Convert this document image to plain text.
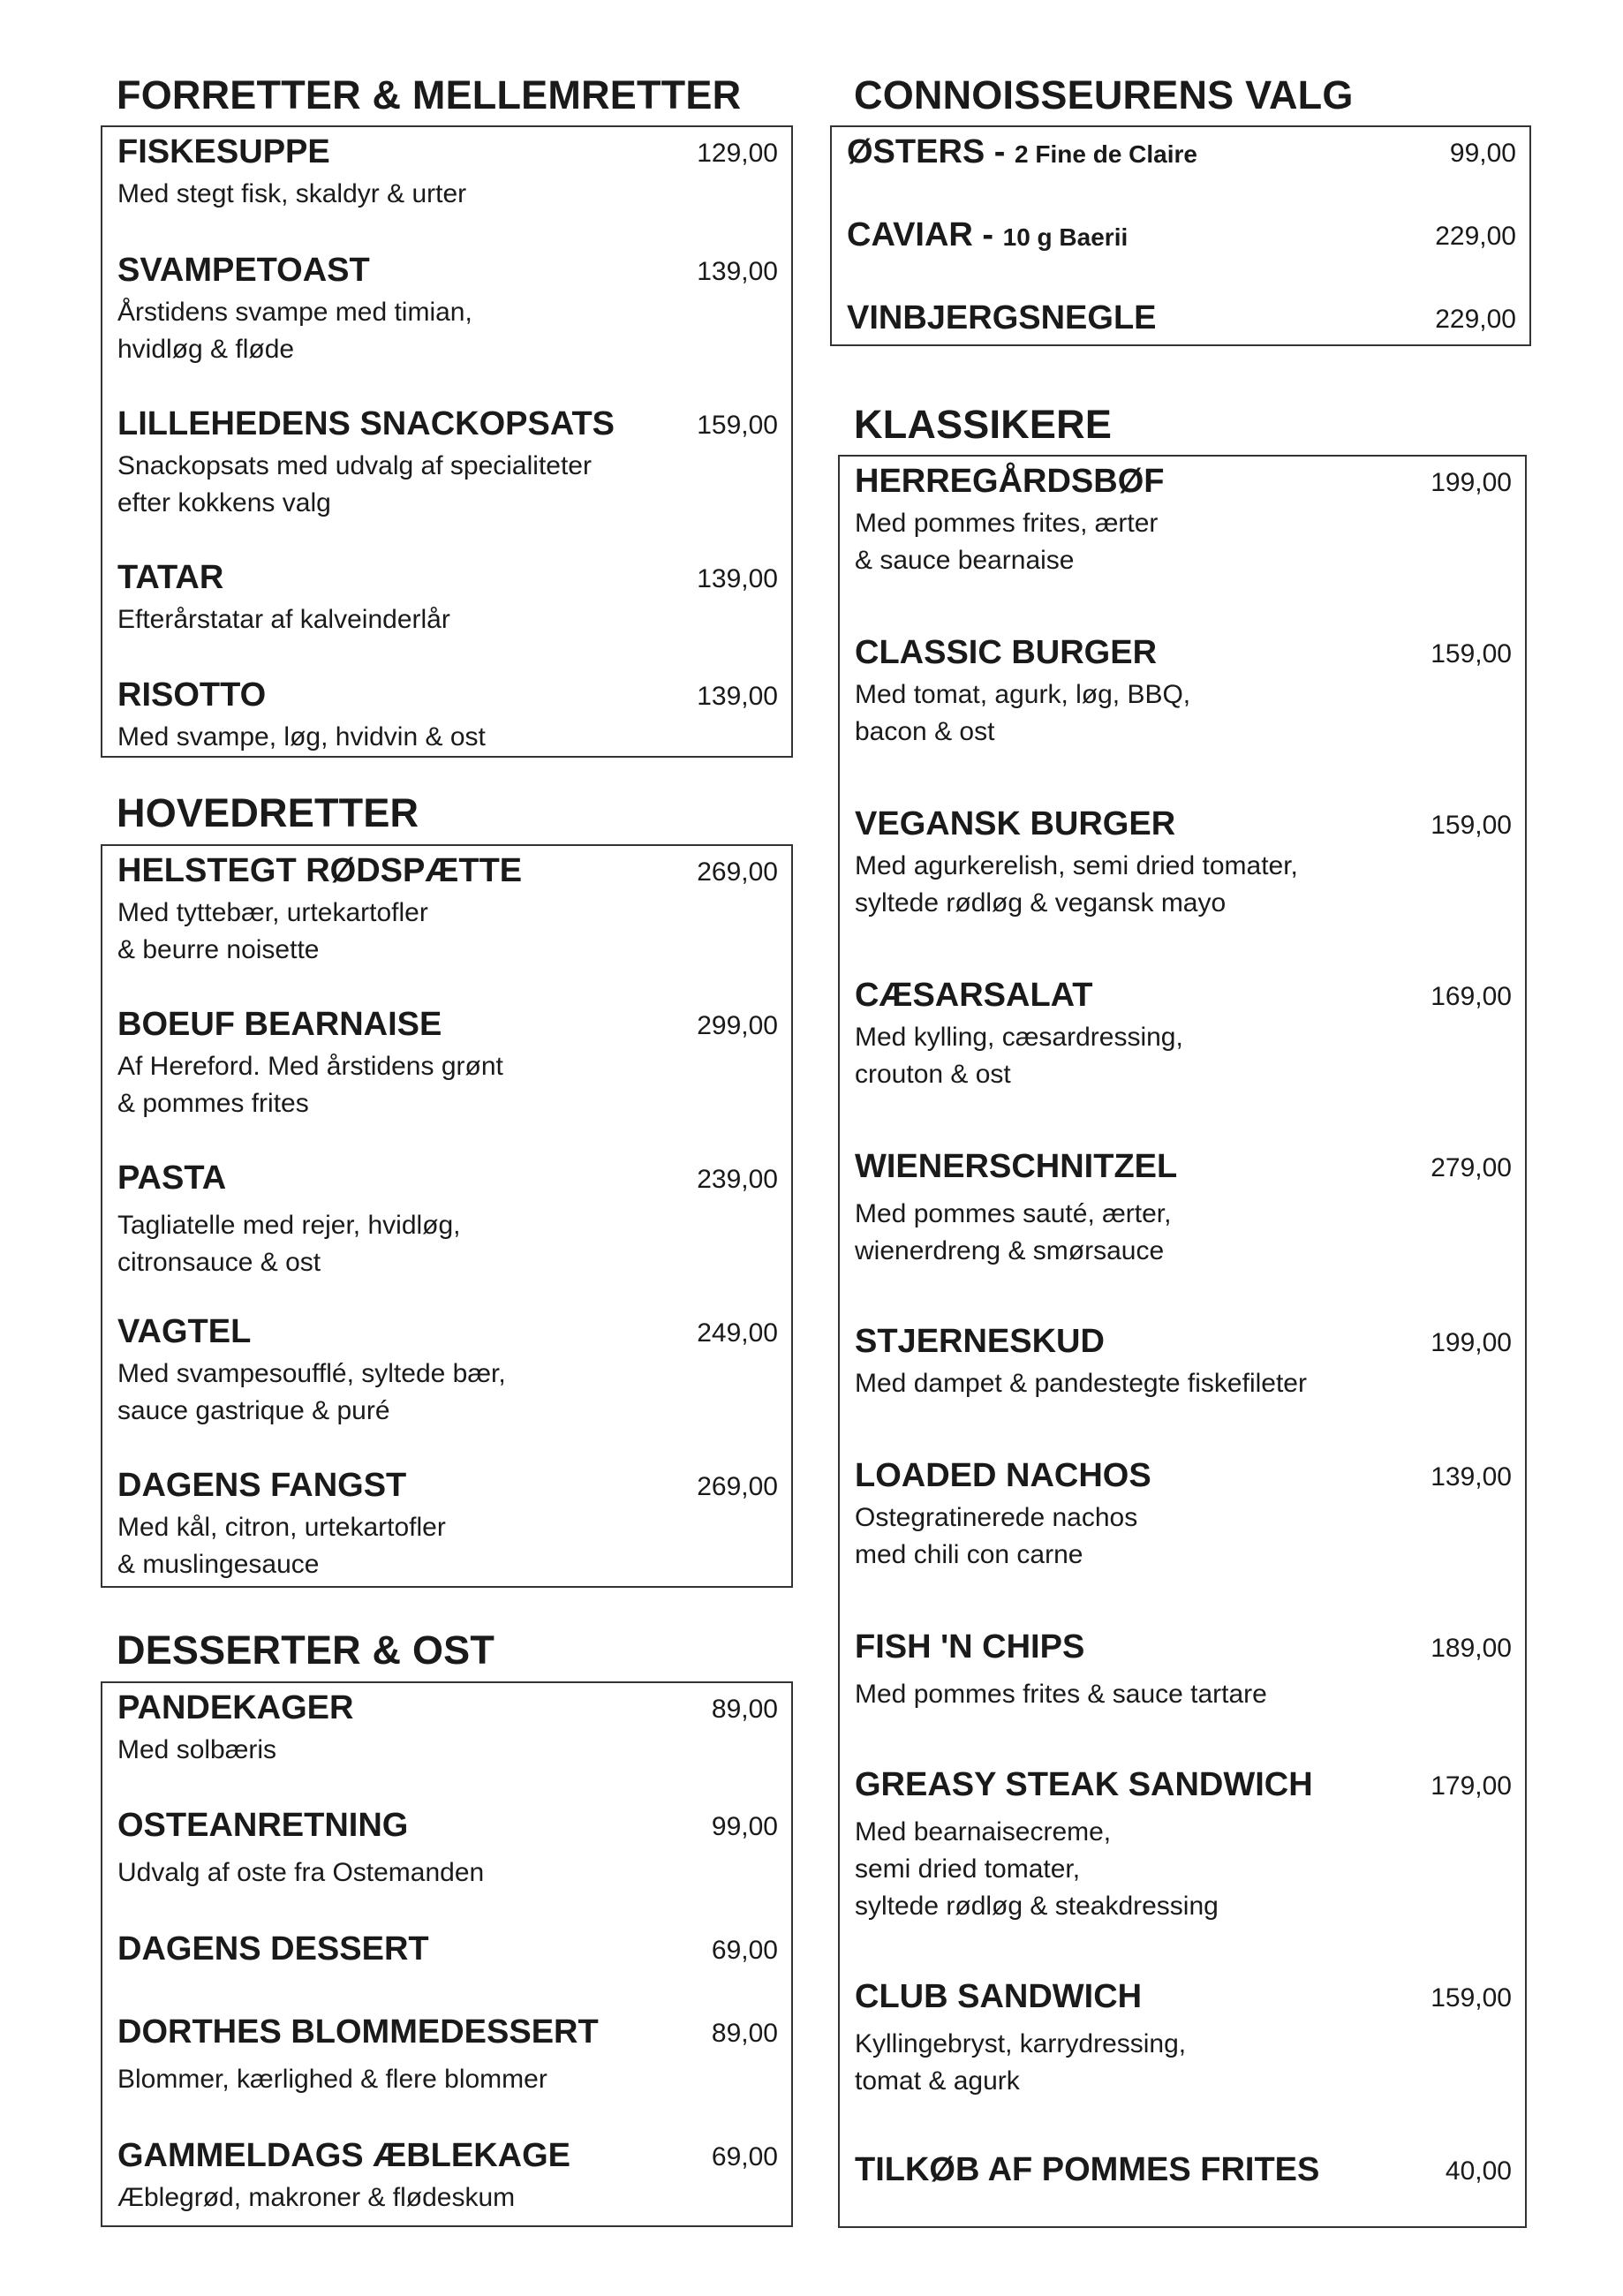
FORRETTER & MELLEMRETTER
FISKESUPPE	129,00
Med stegt fisk, skaldyr & urter
SVAMPETOAST	139,00
Årstidens svampe med timian,
hvidløg & fløde
LILLEHEDENS SNACKOPSATS	159,00
Snackopsats med udvalg af specialiteter
efter kokkens valg
TATAR	139,00
Efterårstatar af kalveinderlår
RISOTTO	139,00
Med svampe, løg, hvidvin & ost
HOVEDRETTER
HELSTEGT RØDSPÆTTE	269,00
Med tyttebær, urtekartofler
& beurre noisette
BOEUF BEARNAISE	299,00
Af Hereford. Med årstidens grønt
& pommes frites
PASTA	239,00
Tagliatelle med rejer, hvidløg,
citronsauce & ost
VAGTEL	249,00
Med svampesoufflé, syltede bær,
sauce gastrique & puré
DAGENS FANGST	269,00
Med kål, citron, urtekartofler
& muslingesauce
DESSERTER & OST
PANDEKAGER	89,00
Med solbæris
OSTEANRETNING	99,00
Udvalg af oste fra Ostemanden
DAGENS DESSERT	69,00
DORTHES BLOMMEDESSERT	89,00
Blommer, kærlighed & flere blommer
GAMMELDAGS ÆBLEKAGE	69,00
Æblegrød, makroner & flødeskum
CONNOISSEURENS VALG
ØSTERS - 2 Fine de Claire	99,00
CAVIAR - 10 g Baerii	229,00
VINBJERGSNEGLE	229,00
KLASSIKERE
HERREGÅRDSBØF	199,00
Med pommes frites, ærter
& sauce bearnaise
CLASSIC BURGER	159,00
Med tomat, agurk, løg, BBQ,
bacon & ost
VEGANSK BURGER	159,00
Med agurkerelish, semi dried tomater,
syltede rødløg & vegansk mayo
CÆSARSALAT	169,00
Med kylling, cæsardressing,
crouton & ost
WIENERSCHNITZEL	279,00
Med pommes sauté, ærter,
wienerdreng & smørsauce
STJERNESKUD	199,00
Med dampet & pandestegte fiskefileter
LOADED NACHOS	139,00
Ostegratinerede nachos
med chili con carne
FISH 'N CHIPS	189,00
Med pommes frites & sauce tartare
GREASY STEAK SANDWICH	179,00
Med bearnaisecreme,
semi dried tomater,
syltede rødløg & steakdressing
CLUB SANDWICH	159,00
Kyllingebryst, karrydressing,
tomat & agurk
TILKØB AF POMMES FRITES	40,00
